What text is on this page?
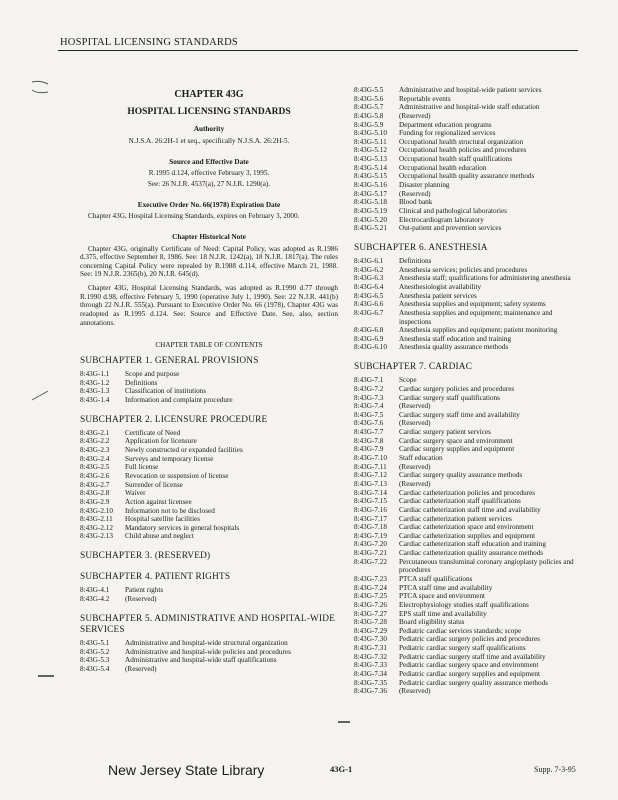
HOSPITAL LICENSING STANDARDS
CHAPTER 43G
HOSPITAL LICENSING STANDARDS
Authority
N.J.S.A. 26:2H-1 et seq., specifically N.J.S.A. 26:2H-5.
Source and Effective Date
R.1995 d.124, effective February 3, 1995.
See: 26 N.J.R. 4537(a), 27 N.J.R. 1290(a).
Executive Order No. 66(1978) Expiration Date
Chapter 43G, Hospital Licensing Standards, expires on February 3, 2000.
Chapter Historical Note
Chapter 43G, originally Certificate of Need: Capital Policy, was adopted as R.1986 d.375, effective September 8, 1986. See: 18 N.J.R. 1242(a), 18 N.J.R. 1817(a). The rules concerning Capital Policy were repealed by R.1988 d.114, effective March 21, 1988. See: 19 N.J.R. 2365(b), 20 N.J.R. 645(d).
Chapter 43G, Hospital Licensing Standards, was adopted as R.1990 d.77 through R.1990 d.98, effective February 5, 1990 (operative July 1, 1990). See: 22 N.J.R. 441(b) through 22 N.J.R. 555(a). Pursuant to Executive Order No. 66 (1978), Chapter 43G was readopted as R.1995 d.124. See: Source and Effective Date. See, also, section annotations.
CHAPTER TABLE OF CONTENTS
SUBCHAPTER 1. GENERAL PROVISIONS
8:43G-1.1	Scope and purpose
8:43G-1.2	Definitions
8:43G-1.3	Classification of institutions
8:43G-1.4	Information and complaint procedure
SUBCHAPTER 2. LICENSURE PROCEDURE
8:43G-2.1	Certificate of Need
8:43G-2.2	Application for licensure
8:43G-2.3	Newly constructed or expanded facilities
8:43G-2.4	Surveys and temporary license
8:43G-2.5	Full license
8:43G-2.6	Revocation or suspension of license
8:43G-2.7	Surrender of license
8:43G-2.8	Waiver
8:43G-2.9	Action against licensee
8:43G-2.10	Information not to be disclosed
8:43G-2.11	Hospital satellite facilities
8:43G-2.12	Mandatory services in general hospitals
8:43G-2.13	Child abuse and neglect
SUBCHAPTER 3. (RESERVED)
SUBCHAPTER 4. PATIENT RIGHTS
8:43G-4.1	Patient rights
8:43G-4.2	(Reserved)
SUBCHAPTER 5. ADMINISTRATIVE AND HOSPITAL-WIDE SERVICES
8:43G-5.1	Administrative and hospital-wide structural organization
8:43G-5.2	Administrative and hospital-wide policies and procedures
8:43G-5.3	Administrative and hospital-wide staff qualifications
8:43G-5.4	(Reserved)
8:43G-5.5	Administrative and hospital-wide patient services
8:43G-5.6	Reportable events
8:43G-5.7	Administrative and hospital-wide staff education
8:43G-5.8	(Reserved)
8:43G-5.9	Department education programs
8:43G-5.10	Funding for regionalized services
8:43G-5.11	Occupational health structural organization
8:43G-5.12	Occupational health policies and procedures
8:43G-5.13	Occupational health staff qualifications
8:43G-5.14	Occupational health education
8:43G-5.15	Occupational health quality assurance methods
8:43G-5.16	Disaster planning
8:43G-5.17	(Reserved)
8:43G-5.18	Blood bank
8:43G-5.19	Clinical and pathological laboratories
8:43G-5.20	Electrocardiogram laboratory
8:43G-5.21	Out-patient and prevention services
SUBCHAPTER 6. ANESTHESIA
8:43G-6.1	Definitions
8:43G-6.2	Anesthesia services; policies and procedures
8:43G-6.3	Anesthesia staff; qualifications for administering anesthesia
8:43G-6.4	Anesthesiologist availability
8:43G-6.5	Anesthesia patient services
8:43G-6.6	Anesthesia supplies and equipment; safety systems
8:43G-6.7	Anesthesia supplies and equipment; maintenance and inspections
8:43G-6.8	Anesthesia supplies and equipment; patient monitoring
8:43G-6.9	Anesthesia staff education and training
8:43G-6.10	Anesthesia quality assurance methods
SUBCHAPTER 7. CARDIAC
8:43G-7.1	Scope
8:43G-7.2	Cardiac surgery policies and procedures
8:43G-7.3	Cardiac surgery staff qualifications
8:43G-7.4	(Reserved)
8:43G-7.5	Cardiac surgery staff time and availability
8:43G-7.6	(Reserved)
8:43G-7.7	Cardiac surgery patient services
8:43G-7.8	Cardiac surgery space and environment
8:43G-7.9	Cardiac surgery supplies and equipment
8:43G-7.10	Staff education
8:43G-7.11	(Reserved)
8:43G-7.12	Cardiac surgery quality assurance methods
8:43G-7.13	(Reserved)
8:43G-7.14	Cardiac catheterization policies and procedures
8:43G-7.15	Cardiac catheterization staff qualifications
8:43G-7.16	Cardiac catheterization staff time and availability
8:43G-7.17	Cardiac catheterization patient services
8:43G-7.18	Cardiac catheterization space and environment
8:43G-7.19	Cardiac catheterization supplies and equipment
8:43G-7.20	Cardiac catheterization staff education and training
8:43G-7.21	Cardiac catheterization quality assurance methods
8:43G-7.22	Percutaneous transluminal coronary angioplasty policies and procedures
8:43G-7.23	PTCA staff qualifications
8:43G-7.24	PTCA staff time and availability
8:43G-7.25	PTCA space and environment
8:43G-7.26	Electrophysiology studies staff qualifications
8:43G-7.27	EPS staff time and availability
8:43G-7.28	Board eligibility status
8:43G-7.29	Pediatric cardiac services standards; scope
8:43G-7.30	Pediatric cardiac surgery policies and procedures
8:43G-7.31	Pediatric cardiac surgery staff qualifications
8:43G-7.32	Pediatric cardiac surgery staff time and availability
8:43G-7.33	Pediatric cardiac surgery space and environment
8:43G-7.34	Pediatric cardiac surgery supplies and equipment
8:43G-7.35	Pediatric cardiac surgery quality assurance methods
8:43G-7.36	(Reserved)
New Jersey State Library	43G-1	Supp. 7-3-95
